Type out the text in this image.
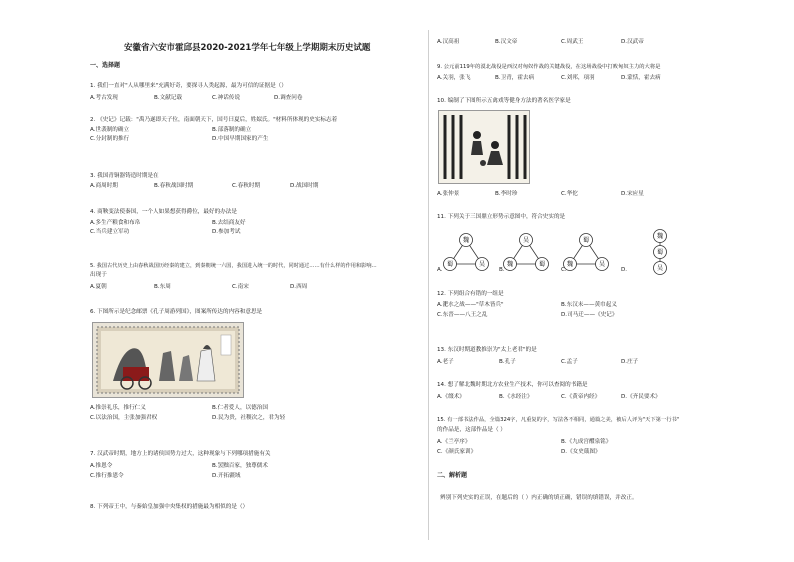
安徽省六安市霍邱县2020-2021学年七年级上学期期末历史试题
一、选择题
1. 我们一直对"人从哪里来"充满好奇，要探寻人类起源，最为可信的证据是（）
A.考古发现	B.文献记载	C.神话传说	D.调查问卷
2. 《史记》记载："禹乃遂即天子位，南面朝天下，国号曰夏后，姓姒氏。"材料所体现的史实标志着
A.世袭制的确立	B.部落制的确立
C.分封制的推行	D.中国早期国家的产生
3. 我国青铜器铸造时期是在
A.商周时期	B.春秋战国时期	C.春秋时期	D.战国时期
4. 商鞅变法使秦国，一个人如果想获得爵位，最好的办法是
A.多生产粮食和布帛	B.去结商友好
C.当兵建立军功	D.参加考试
5. 我国古代历史上由春秋战国历经秦的建立，到秦朝统一六国，我国进入统一的时代，同时通过……有什么样的作用和影响…
出现于
A.夏朝	B.东周	C.南宋	D.西周
6. 下图所示是纪念邮票《孔子周游列国》，图案所传达的内容和意思是
A.推崇礼乐，推行仁义	B.仁者爱人，以德治国
C.以法治国，主张加强君权	D.民为贵，社稷次之，君为轻
7. 汉武帝时期，地方上的诸侯国势力过大，这种现象与下列哪项措施有关
A.推恩令	B.罢黜百家，独尊儒术
C.推行推恩令	D.开拓疆域
8. 下列帝王中，与秦始皇加强中央集权的措施最为相似的是（）
A.汉高祖	B.汉文帝	C.周武王	D.汉武帝
9. 公元前119年的漠北战役是西汉对匈奴作战的关键战役，在这场战役中打败匈奴主力的大将是
A.关羽，张飞	B.卫青，霍去病	C.刘邦，项羽	D.蒙恬，霍去病
10. 编制了下图所示五禽戏等健身方法的著名医学家是
A.张仲景	B.李时珍	C.华佗	D.宋应星
11. 下列关于三国鼎立形势示意图中，符合史实的是
魏
蜀	吴
吴
魏	蜀
蜀
魏	吴
魏
蜀
吴
A.	B.	C.	D.
12. 下列组合有错的一组是
A.淝水之战——"草木皆兵"	B.东汉末——黄巾起义
C.东晋——八王之乱	D.司马迁——《史记》
13. 东汉时期道教推崇为"太上老君"的是
A.老子	B.孔子	C.孟子	D.庄子
14. 想了解北魏时期北方农业生产技术，你可以查阅的书籍是
A.《缀术》	B.《水经注》	C.《黄帝内经》	D.《齐民要术》
15. 有一部书法作品，全篇324字，凡重复的字，写法各不相同，通篇之美，被后人评为"天下第一行书"
的作品是，这部作品是（ ）
A.《兰亭序》	B.《九成宫醴泉铭》
C.《颜氏家训》	D.《女史箴图》
二、解析题
辨别下列史实的正误，在题后的（ ）内正确的填正确，错误的填错误，并改正。
